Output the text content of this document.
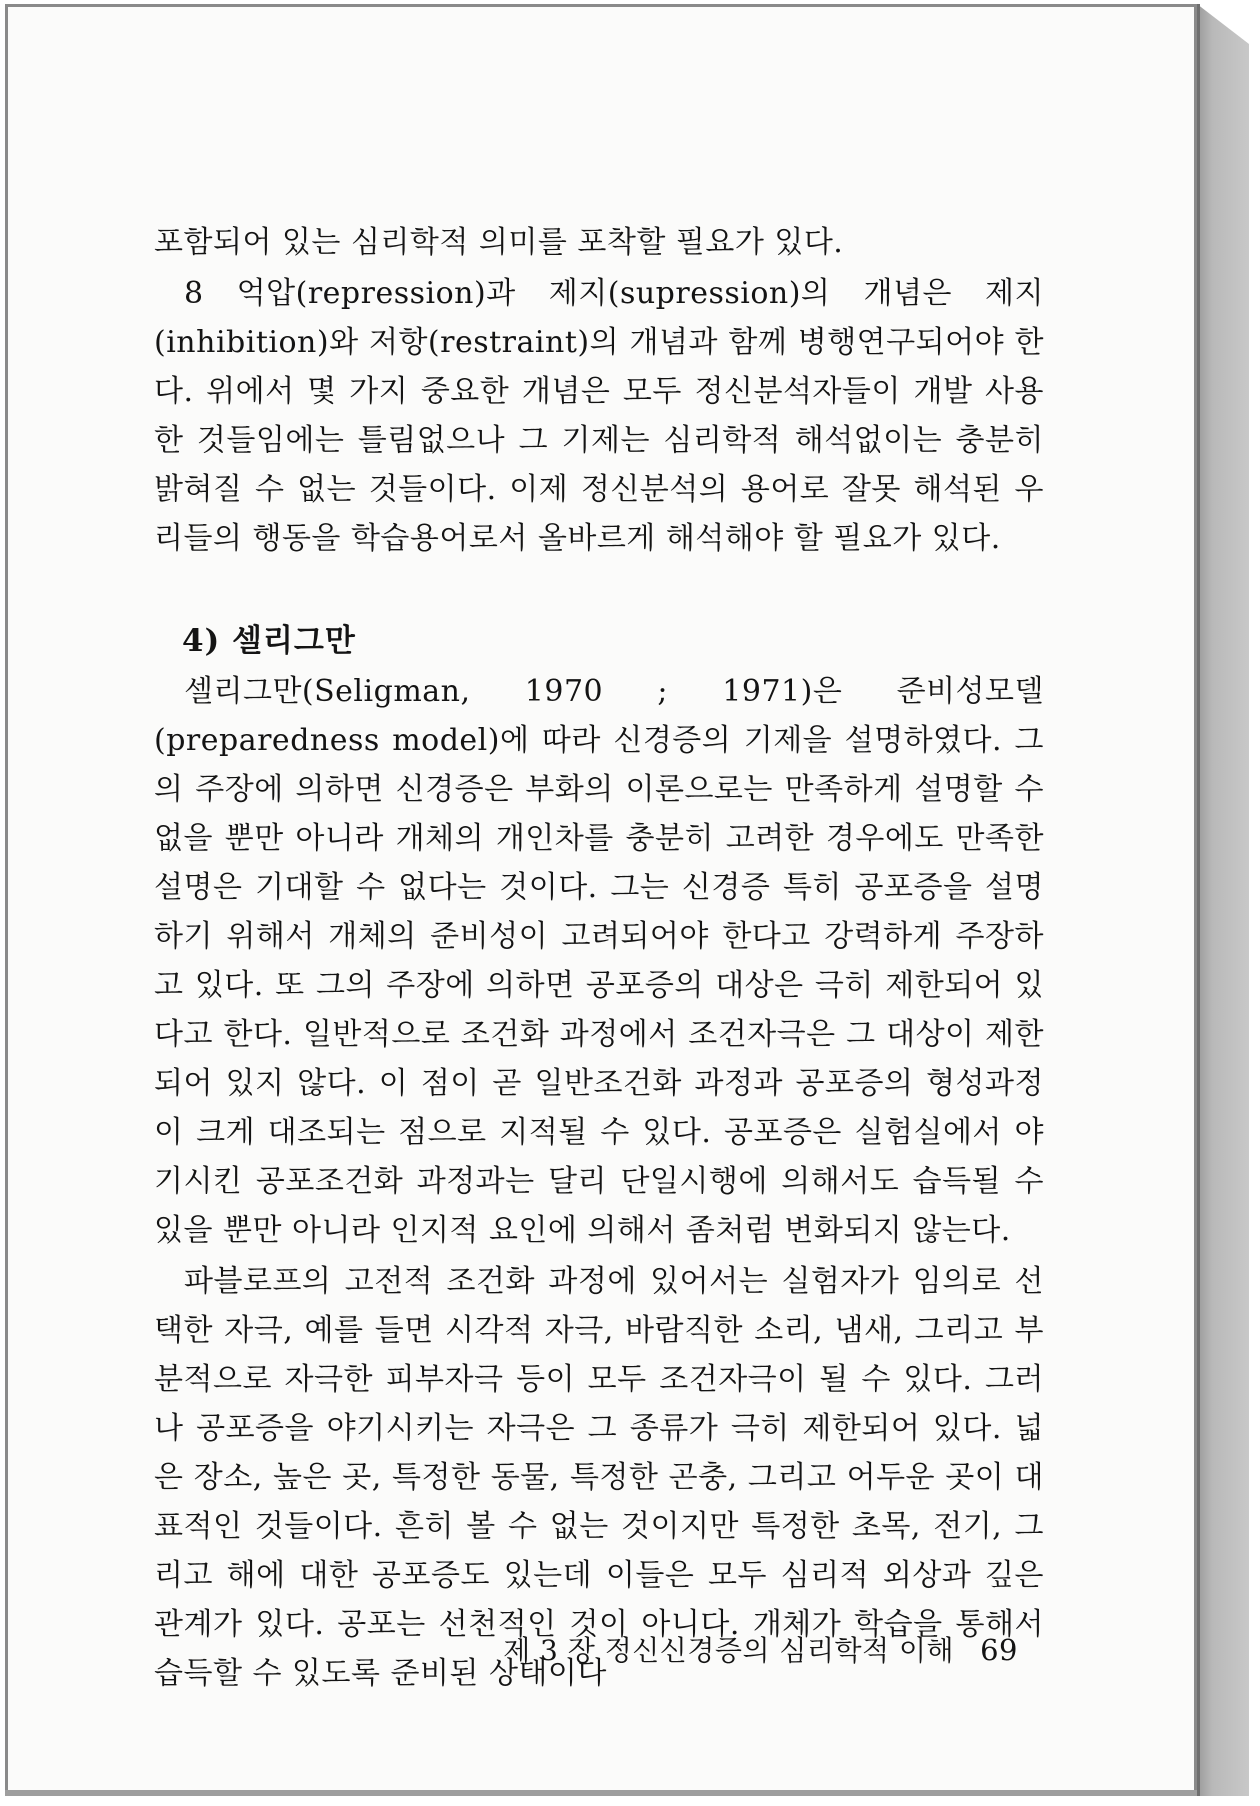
포함되어 있는 심리학적 의미를 포착할 필요가 있다.

8 억압(repression)과 제지(supression)의 개념은 제지(inhibition)와 저항(restraint)의 개념과 함께 병행연구되어야 한다. 위에서 몇 가지 중요한 개념은 모두 정신분석자들이 개발 사용한 것들임에는 틀림없으나 그 기제는 심리학적 해석없이는 충분히 밝혀질 수 없는 것들이다. 이제 정신분석의 용어로 잘못 해석된 우리들의 행동을 학습용어로서 올바르게 해석해야 할 필요가 있다.

4) 셀리그만

셀리그만(Seligman, 1970 ; 1971)은 준비성모델(preparedness model)에 따라 신경증의 기제을 설명하였다. 그의 주장에 의하면 신경증은 부화의 이론으로는 만족하게 설명할 수 없을 뿐만 아니라 개체의 개인차를 충분히 고려한 경우에도 만족한 설명은 기대할 수 없다는 것이다. 그는 신경증 특히 공포증을 설명하기 위해서 개체의 준비성이 고려되어야 한다고 강력하게 주장하고 있다. 또 그의 주장에 의하면 공포증의 대상은 극히 제한되어 있다고 한다. 일반적으로 조건화 과정에서 조건자극은 그 대상이 제한되어 있지 않다. 이 점이 곧 일반조건화 과정과 공포증의 형성과정이 크게 대조되는 점으로 지적될 수 있다. 공포증은 실험실에서 야기시킨 공포조건화 과정과는 달리 단일시행에 의해서도 습득될 수 있을 뿐만 아니라 인지적 요인에 의해서 좀처럼 변화되지 않는다.

파블로프의 고전적 조건화 과정에 있어서는 실험자가 임의로 선택한 자극, 예를 들면 시각적 자극, 바람직한 소리, 냄새, 그리고 부분적으로 자극한 피부자극 등이 모두 조건자극이 될 수 있다. 그러나 공포증을 야기시키는 자극은 그 종류가 극히 제한되어 있다. 넓은 장소, 높은 곳, 특정한 동물, 특정한 곤충, 그리고 어두운 곳이 대표적인 것들이다. 흔히 볼 수 없는 것이지만 특정한 초목, 전기, 그리고 해에 대한 공포증도 있는데 이들은 모두 심리적 외상과 깊은 관계가 있다. 공포는 선천적인 것이 아니다. 개체가 학습을 통해서 습득할 수 있도록 준비된 상태이다

제 3 장 정신신경증의 심리학적 이해 69
